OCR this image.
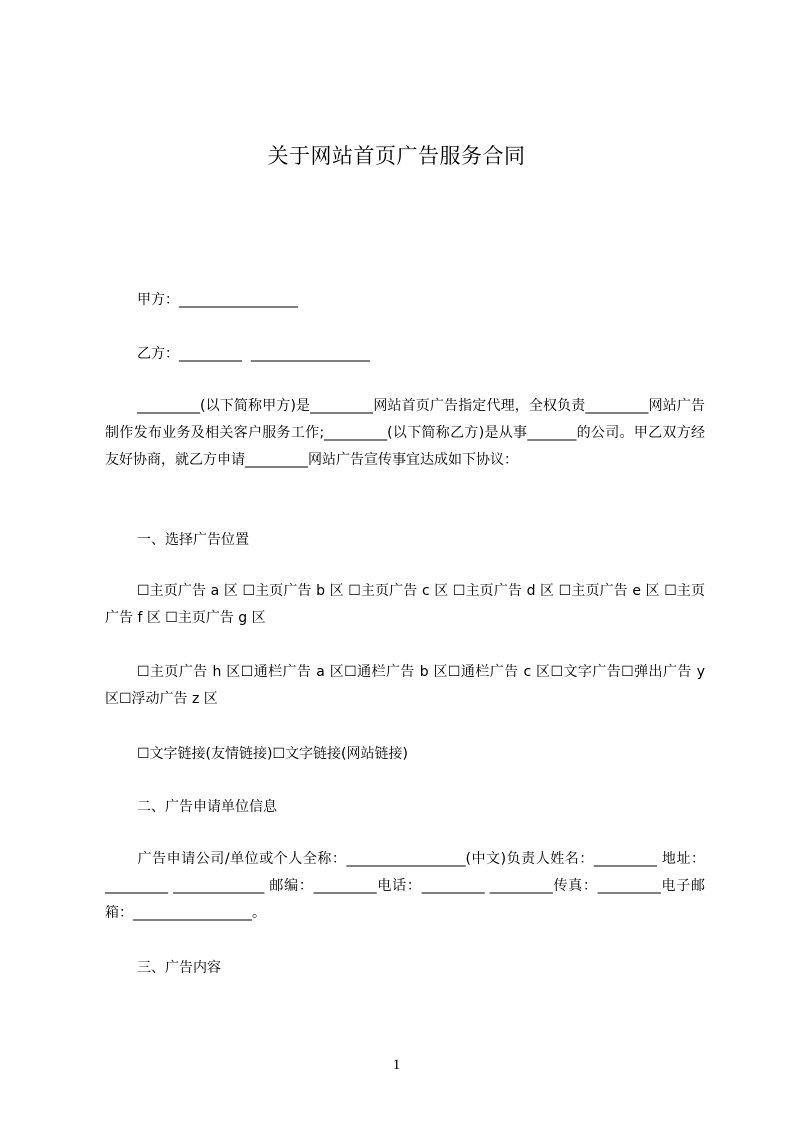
关于网站首页广告服务合同
甲方：_________________
乙方：_________  _________________
_________(以下简称甲方)是_________网站首页广告指定代理，全权负责_________网站广告制作发布业务及相关客户服务工作;_________(以下简称乙方)是从事_______的公司。甲乙双方经友好协商，就乙方申请_________网站广告宣传事宜达成如下协议：
一、选择广告位置
☐主页广告 a 区 ☐主页广告 b 区 ☐主页广告 c 区 ☐主页广告 d 区 ☐主页广告 e 区 ☐主页广告 f 区 ☐主页广告 g 区
☐主页广告 h 区☐通栏广告 a 区☐通栏广告 b 区☐通栏广告 c 区☐文字广告☐弹出广告 y 区☐浮动广告 z 区
☐文字链接(友情链接)☐文字链接(网站链接)
二、广告申请单位信息
广告申请公司/单位或个人全称：_________________(中文)负责人姓名：_________ 地址：_________ _____________ 邮编：_________电话：_________ _________传真：_________电子邮箱：_________________。
三、广告内容
1
